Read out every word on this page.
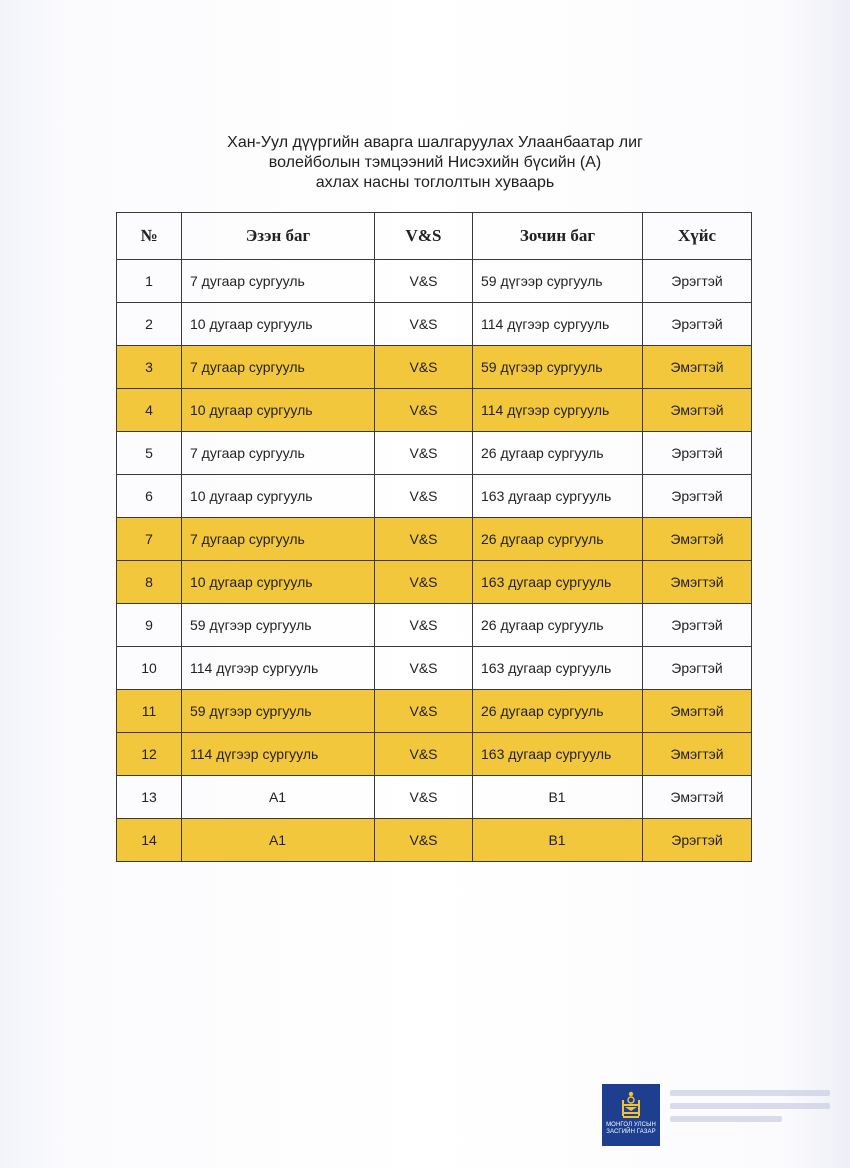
Хан-Уул дүүргийн аварга шалгаруулах Улаанбаатар лиг
волейболын тэмцээний Нисэхийн бүсийн (А)
ахлах насны тоглолтын хуваарь
№	Эзэн баг	V&S	Зочин баг	Хүйс
1	7 дугаар сургууль	V&S	59 дүгээр сургууль	Эрэгтэй
2	10 дугаар сургууль	V&S	114 дүгээр сургууль	Эрэгтэй
3	7 дугаар сургууль	V&S	59 дүгээр сургууль	Эмэгтэй
4	10 дугаар сургууль	V&S	114 дүгээр сургууль	Эмэгтэй
5	7 дугаар сургууль	V&S	26 дугаар сургууль	Эрэгтэй
6	10 дугаар сургууль	V&S	163 дугаар сургууль	Эрэгтэй
7	7 дугаар сургууль	V&S	26 дугаар сургууль	Эмэгтэй
8	10 дугаар сургууль	V&S	163 дугаар сургууль	Эмэгтэй
9	59 дүгээр сургууль	V&S	26 дугаар сургууль	Эрэгтэй
10	114 дүгээр сургууль	V&S	163 дугаар сургууль	Эрэгтэй
11	59 дүгээр сургууль	V&S	26 дугаар сургууль	Эмэгтэй
12	114 дүгээр сургууль	V&S	163 дугаар сургууль	Эмэгтэй
13	A1	V&S	B1	Эмэгтэй
14	A1	V&S	B1	Эрэгтэй
МОНГОЛ УЛСЫН
ЗАСГИЙН ГАЗАР
